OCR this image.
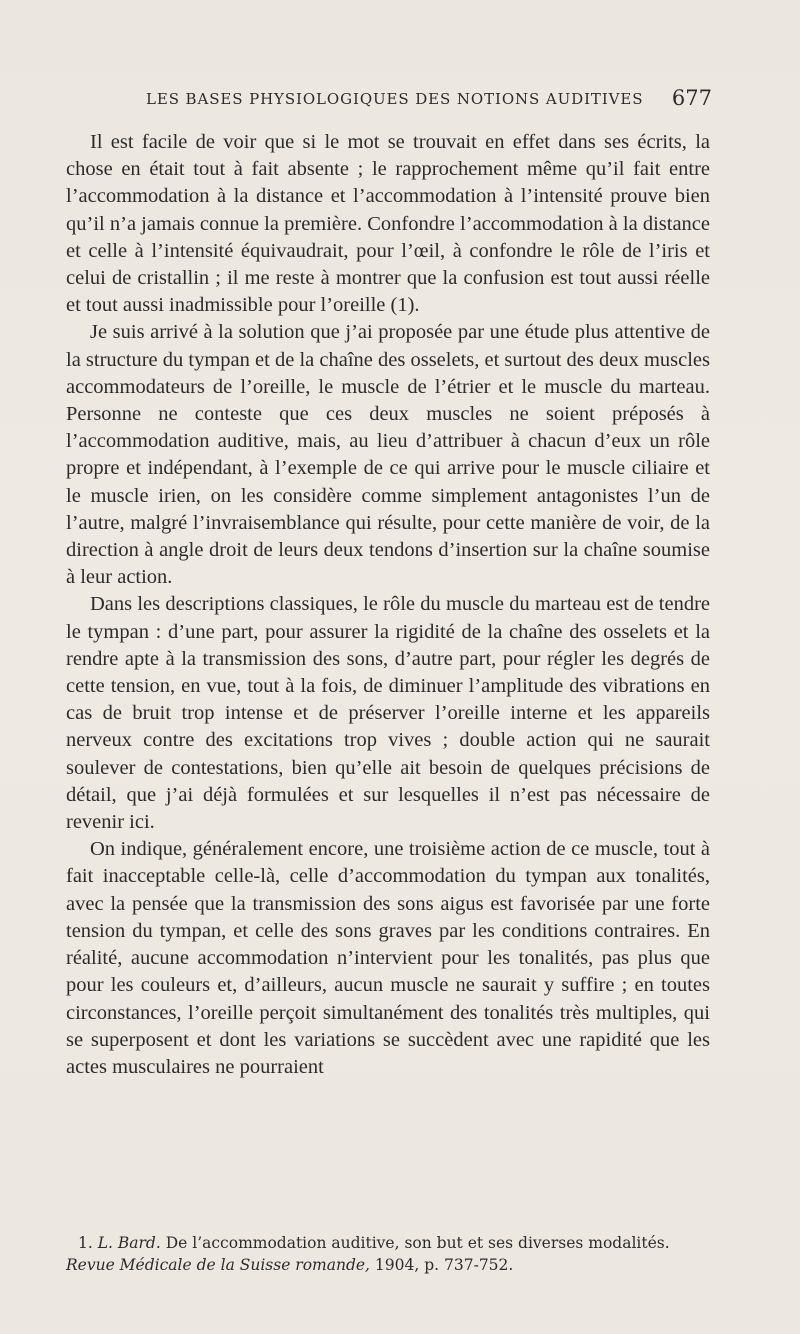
LES BASES PHYSIOLOGIQUES DES NOTIONS AUDITIVES 677

Il est facile de voir que si le mot se trouvait en effet dans ses écrits, la chose en était tout à fait absente ; le rapprochement même qu’il fait entre l’accommodation à la distance et l’accommodation à l’intensité prouve bien qu’il n’a jamais connue la première. Confondre l’accommodation à la distance et celle à l’intensité équivaudrait, pour l’œil, à confondre le rôle de l’iris et celui de cristallin ; il me reste à montrer que la confusion est tout aussi réelle et tout aussi inadmissible pour l’oreille (1).

Je suis arrivé à la solution que j’ai proposée par une étude plus attentive de la structure du tympan et de la chaîne des osselets, et surtout des deux muscles accommodateurs de l’oreille, le muscle de l’étrier et le muscle du marteau. Personne ne conteste que ces deux muscles ne soient préposés à l’accommodation auditive, mais, au lieu d’attribuer à chacun d’eux un rôle propre et indépendant, à l’exemple de ce qui arrive pour le muscle ciliaire et le muscle irien, on les considère comme simplement antagonistes l’un de l’autre, malgré l’invraisemblance qui résulte, pour cette manière de voir, de la direction à angle droit de leurs deux tendons d’insertion sur la chaîne soumise à leur action.

Dans les descriptions classiques, le rôle du muscle du marteau est de tendre le tympan : d’une part, pour assurer la rigidité de la chaîne des osselets et la rendre apte à la transmission des sons, d’autre part, pour régler les degrés de cette tension, en vue, tout à la fois, de diminuer l’amplitude des vibrations en cas de bruit trop intense et de préserver l’oreille interne et les appareils nerveux contre des excitations trop vives ; double action qui ne saurait soulever de contestations, bien qu’elle ait besoin de quelques précisions de détail, que j’ai déjà formulées et sur lesquelles il n’est pas nécessaire de revenir ici.

On indique, généralement encore, une troisième action de ce muscle, tout à fait inacceptable celle-là, celle d’accommodation du tympan aux tonalités, avec la pensée que la transmission des sons aigus est favorisée par une forte tension du tympan, et celle des sons graves par les conditions contraires. En réalité, aucune accommodation n’intervient pour les tonalités, pas plus que pour les couleurs et, d’ailleurs, aucun muscle ne saurait y suffire ; en toutes circonstances, l’oreille perçoit simultanément des tonalités très multiples, qui se superposent et dont les variations se succèdent avec une rapidité que les actes musculaires ne pourraient

1. L. Bard. De l’accommodation auditive, son but et ses diverses modalités. Revue Médicale de la Suisse romande, 1904, p. 737-752.
